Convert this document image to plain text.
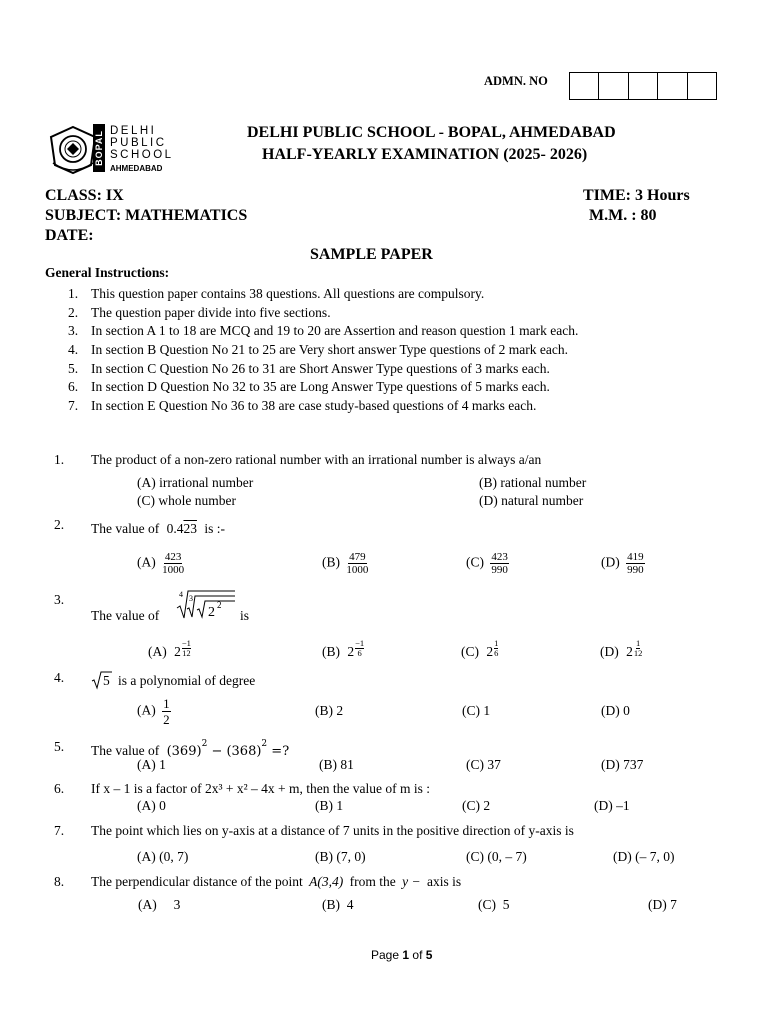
ADMN. NO
BOPAL DELHI
PUBLIC
SCHOOL
AHMEDABAD
DELHI PUBLIC SCHOOL - BOPAL, AHMEDABAD
HALF-YEARLY EXAMINATION (2025- 2026)
CLASS: IX	TIME: 3 Hours
SUBJECT: MATHEMATICS	M.M. : 80
DATE:
SAMPLE PAPER
General Instructions:
1. This question paper contains 38 questions. All questions are compulsory.
2. The question paper divide into five sections.
3. In section A 1 to 18 are MCQ and 19 to 20 are Assertion and reason question 1 mark each.
4. In section B Question No 21 to 25 are Very short answer Type questions of 2 mark each.
5. In section C Question No 26 to 31 are Short Answer Type questions of 3 marks each.
6. In section D Question No 32 to 35 are Long Answer Type questions of 5 marks each.
7. In section E Question No 36 to 38 are case study-based questions of 4 marks each.
1. The product of a non-zero rational number with an irrational number is always a/an
(A) irrational number	(B) rational number
(C) whole number	(D) natural number
2. The value of 0.423 is :-
$(A) \frac{423}{1000}$	$(B) \frac{479}{1000}$	$(C) \frac{423}{990}$	$(D) \frac{419}{990}$
3.
The value of
4 3
2 2
is
(A) $2 \frac{-1}{12}$	(B) $2 \frac{-1}{6}$	(C) $2 \frac{1}{6}$	(D) $2 \frac{1}{12}$
4.	5 is a polynomial of degree
$(A) \frac{1}{2}$	(B) 2	(C) 1	(D) 0
5. The value of $(369)^2 - (368)^2$ =?
(A) 1	(B) 81	(C) 37	(D) 737
6. If x – 1 is a factor of 2x³ + x² – 4x + m, then the value of m is :
(A) 0	(B) 1	(C) 2	(D) –1
7. The point which lies on y-axis at a distance of 7 units in the positive direction of y-axis is
(A) (0, 7)	(B) (7, 0)	(C) (0, – 7)	(D) (– 7, 0)
8. The perpendicular distance of the point A(3,4) from the y − axis is
(A)     3	(B)  4	(C)  5	(D) 7
Page 1 of 5
